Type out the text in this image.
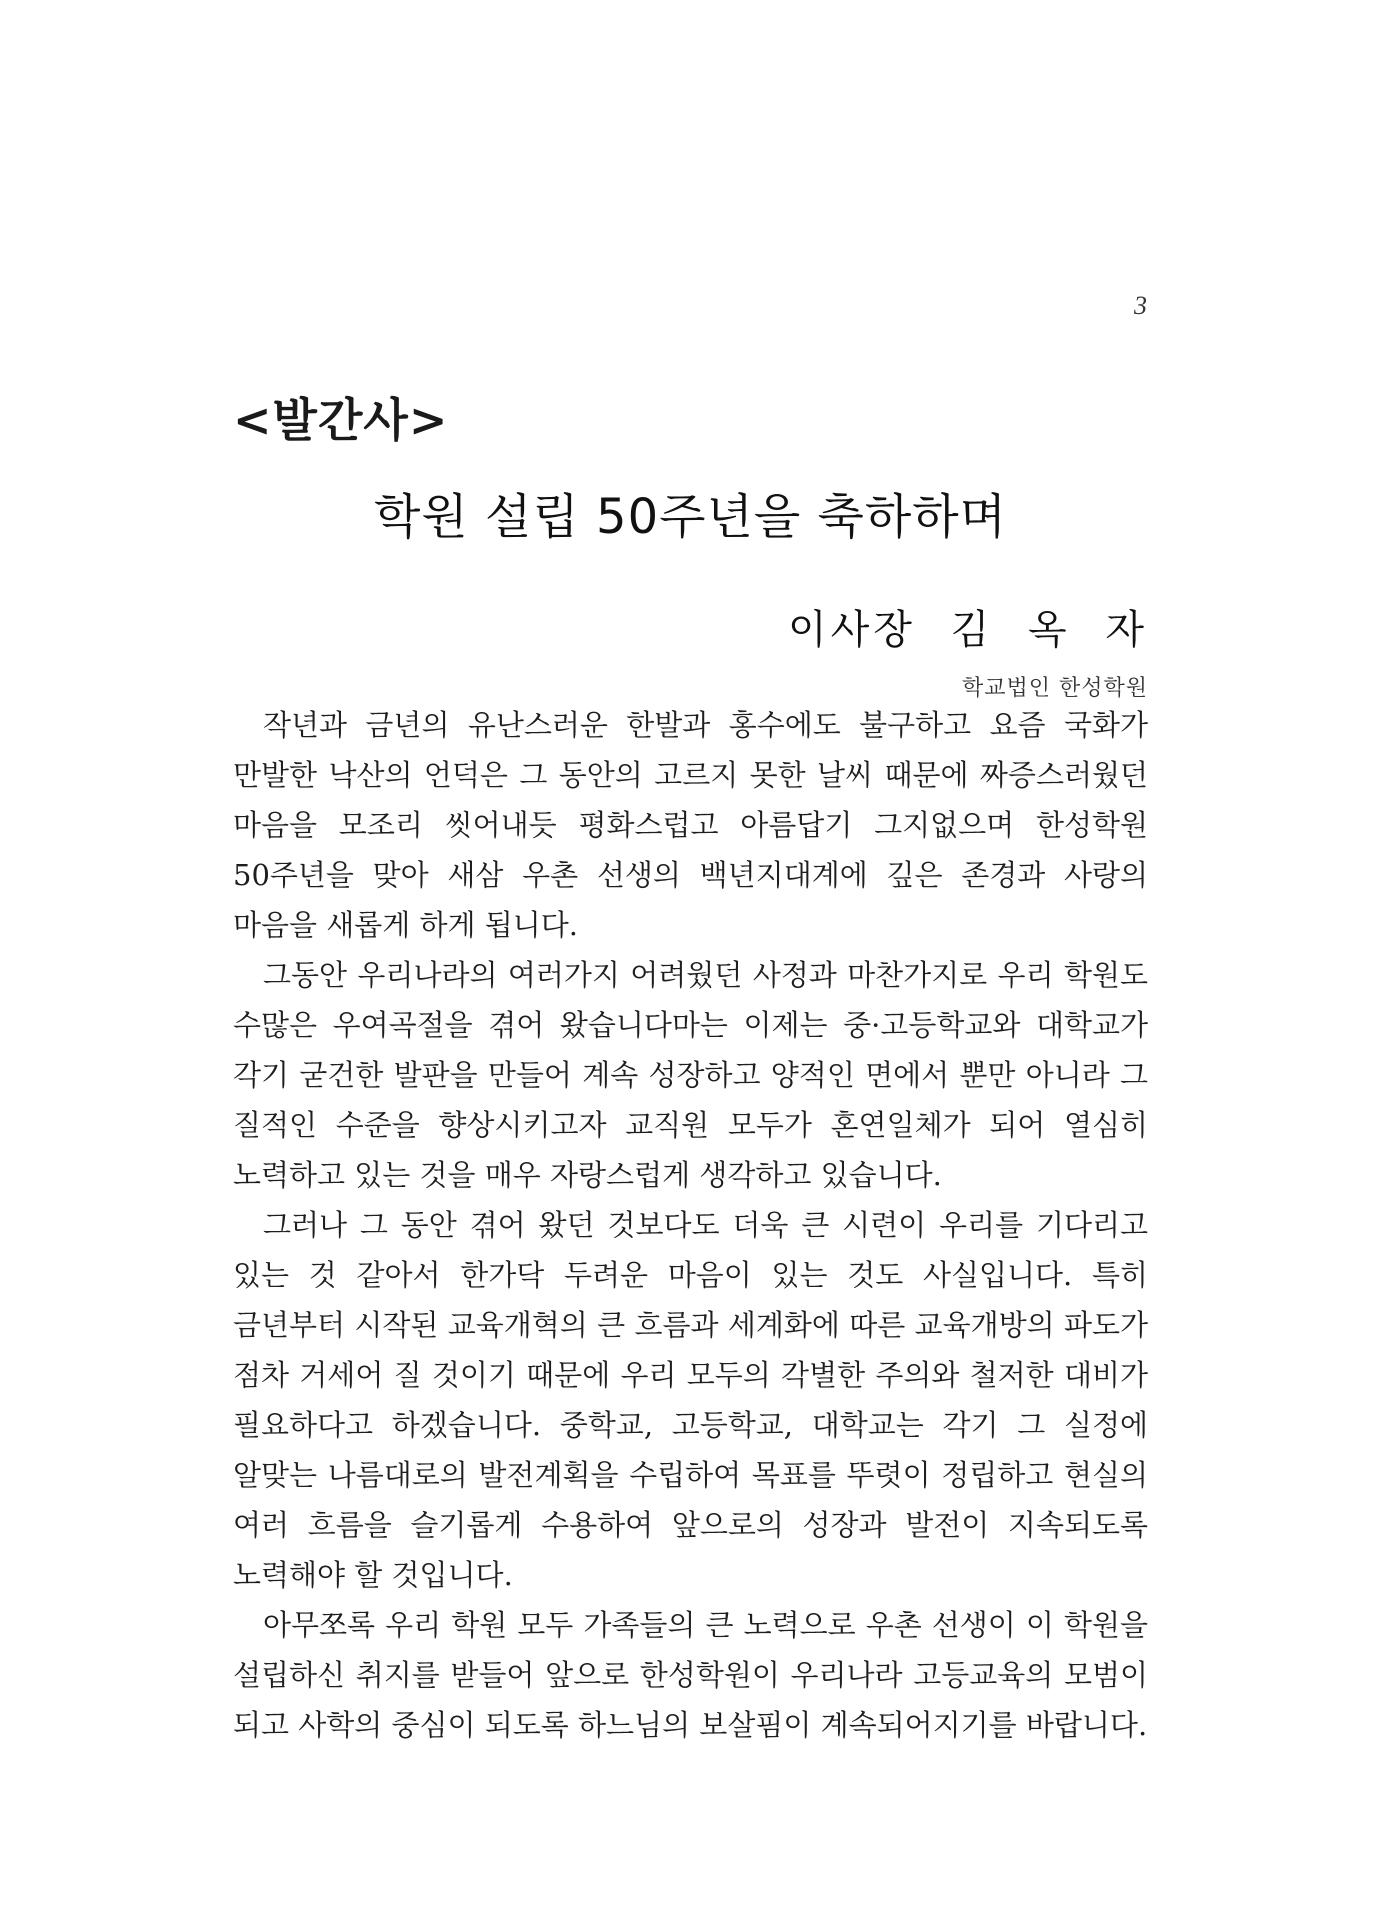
3
<발간사>
학원 설립 50주년을 축하하며

이사장 김 옥 자

학교법인 한성학원

작년과 금년의 유난스러운 한발과 홍수에도 불구하고 요즘 국화가 만발한 낙산의 언덕은 그 동안의 고르지 못한 날씨 때문에 짜증스러웠던 마음을 모조리 씻어내듯 평화스럽고 아름답기 그지없으며 한성학원 50주년을 맞아 새삼 우촌 선생의 백년지대계에 깊은 존경과 사랑의 마음을 새롭게 하게 됩니다.

그동안 우리나라의 여러가지 어려웠던 사정과 마찬가지로 우리 학원도 수많은 우여곡절을 겪어 왔습니다마는 이제는 중·고등학교와 대학교가 각기 굳건한 발판을 만들어 계속 성장하고 양적인 면에서 뿐만 아니라 그 질적인 수준을 향상시키고자 교직원 모두가 혼연일체가 되어 열심히 노력하고 있는 것을 매우 자랑스럽게 생각하고 있습니다.

그러나 그 동안 겪어 왔던 것보다도 더욱 큰 시련이 우리를 기다리고 있는 것 같아서 한가닥 두려운 마음이 있는 것도 사실입니다. 특히 금년부터 시작된 교육개혁의 큰 흐름과 세계화에 따른 교육개방의 파도가 점차 거세어 질 것이기 때문에 우리 모두의 각별한 주의와 철저한 대비가 필요하다고 하겠습니다. 중학교, 고등학교, 대학교는 각기 그 실정에 알맞는 나름대로의 발전계획을 수립하여 목표를 뚜렷이 정립하고 현실의 여러 흐름을 슬기롭게 수용하여 앞으로의 성장과 발전이 지속되도록 노력해야 할 것입니다.

아무쪼록 우리 학원 모두 가족들의 큰 노력으로 우촌 선생이 이 학원을 설립하신 취지를 받들어 앞으로 한성학원이 우리나라 고등교육의 모범이 되고 사학의 중심이 되도록 하느님의 보살핌이 계속되어지기를 바랍니다.
